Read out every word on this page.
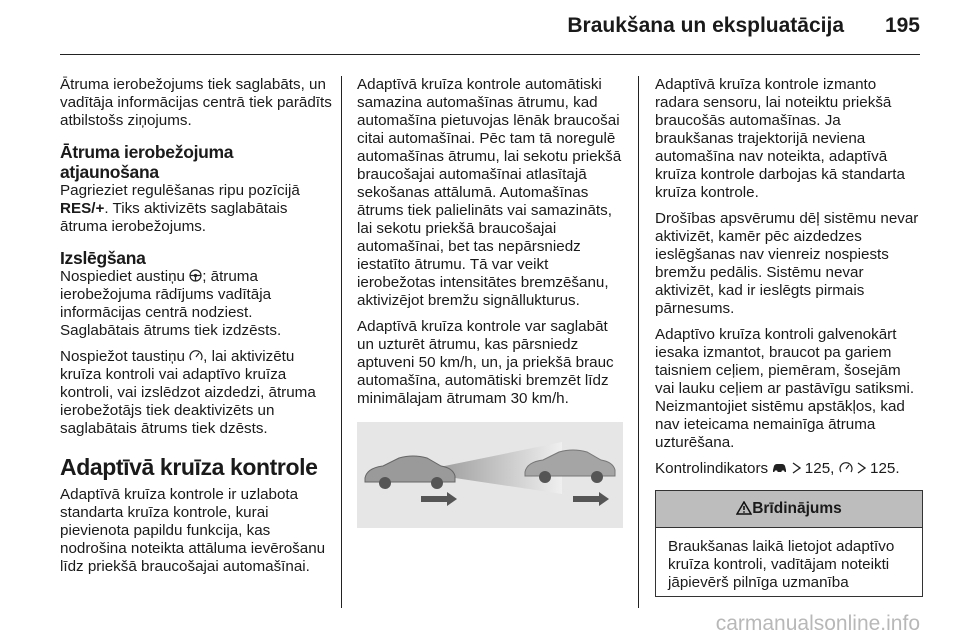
Braukšana un ekspluatācija 195

Ātruma ierobežojums tiek saglabāts, un vadītāja informācijas centrā tiek parādīts atbilstošs ziņojums.

Ātruma ierobežojuma atjaunošana

Pagrieziet regulēšanas ripu pozīcijā RES/+. Tiks aktivizēts saglabātais ātruma ierobežojums.

Izslēgšana

Nospiediet austiņu ; ātruma ierobežojuma rādījums vadītāja informācijas centrā nodziest. Saglabātais ātrums tiek izdzēsts.

Nospiežot taustiņu , lai aktivizētu kruīza kontroli vai adaptīvo kruīza kontroli, vai izslēdzot aizdedzi, ātruma ierobežotājs tiek deaktivizēts un saglabātais ātrums tiek dzēsts.

Adaptīvā kruīza kontrole

Adaptīvā kruīza kontrole ir uzlabota standarta kruīza kontrole, kurai pievienota papildu funkcija, kas nodrošina noteikta attāluma ievērošanu līdz priekšā braucošajai automašīnai.

Adaptīvā kruīza kontrole automātiski samazina automašīnas ātrumu, kad automašīna pietuvojas lēnāk braucošai citai automašīnai. Pēc tam tā noregulē automašīnas ātrumu, lai sekotu priekšā braucošajai automašīnai atlasītajā sekošanas attālumā. Automašīnas ātrums tiek palielināts vai samazināts, lai sekotu priekšā braucošajai automašīnai, bet tas nepārsniedz iestatīto ātrumu. Tā var veikt ierobežotas intensitātes bremzēšanu, aktivizējot bremžu signāllukturus.

Adaptīvā kruīza kontrole var saglabāt un uzturēt ātrumu, kas pārsniedz aptuveni 50 km/h, un, ja priekšā brauc automašīna, automātiski bremzēt līdz minimālajam ātrumam 30 km/h.

Adaptīvā kruīza kontrole izmanto radara sensoru, lai noteiktu priekšā braucošās automašīnas. Ja braukšanas trajektorijā neviena automašīna nav noteikta, adaptīvā kruīza kontrole darbojas kā standarta kruīza kontrole.

Drošības apsvērumu dēļ sistēmu nevar aktivizēt, kamēr pēc aizdedzes ieslēgšanas nav vienreiz nospiests bremžu pedālis. Sistēmu nevar aktivizēt, kad ir ieslēgts pirmais pārnesums.

Adaptīvo kruīza kontroli galvenokārt iesaka izmantot, braucot pa gariem taisniem ceļiem, piemēram, šosejām vai lauku ceļiem ar pastāvīgu satiksmi. Neizmantojiet sistēmu apstākļos, kad nav ieteicama nemainīga ātruma uzturēšana.

Kontrolindikators   125,   125.

Brīdinājums
Braukšanas laikā lietojot adaptīvo kruīza kontroli, vadītājam noteikti jāpievērš pilnīga uzmanība
carmanualsonline.info
